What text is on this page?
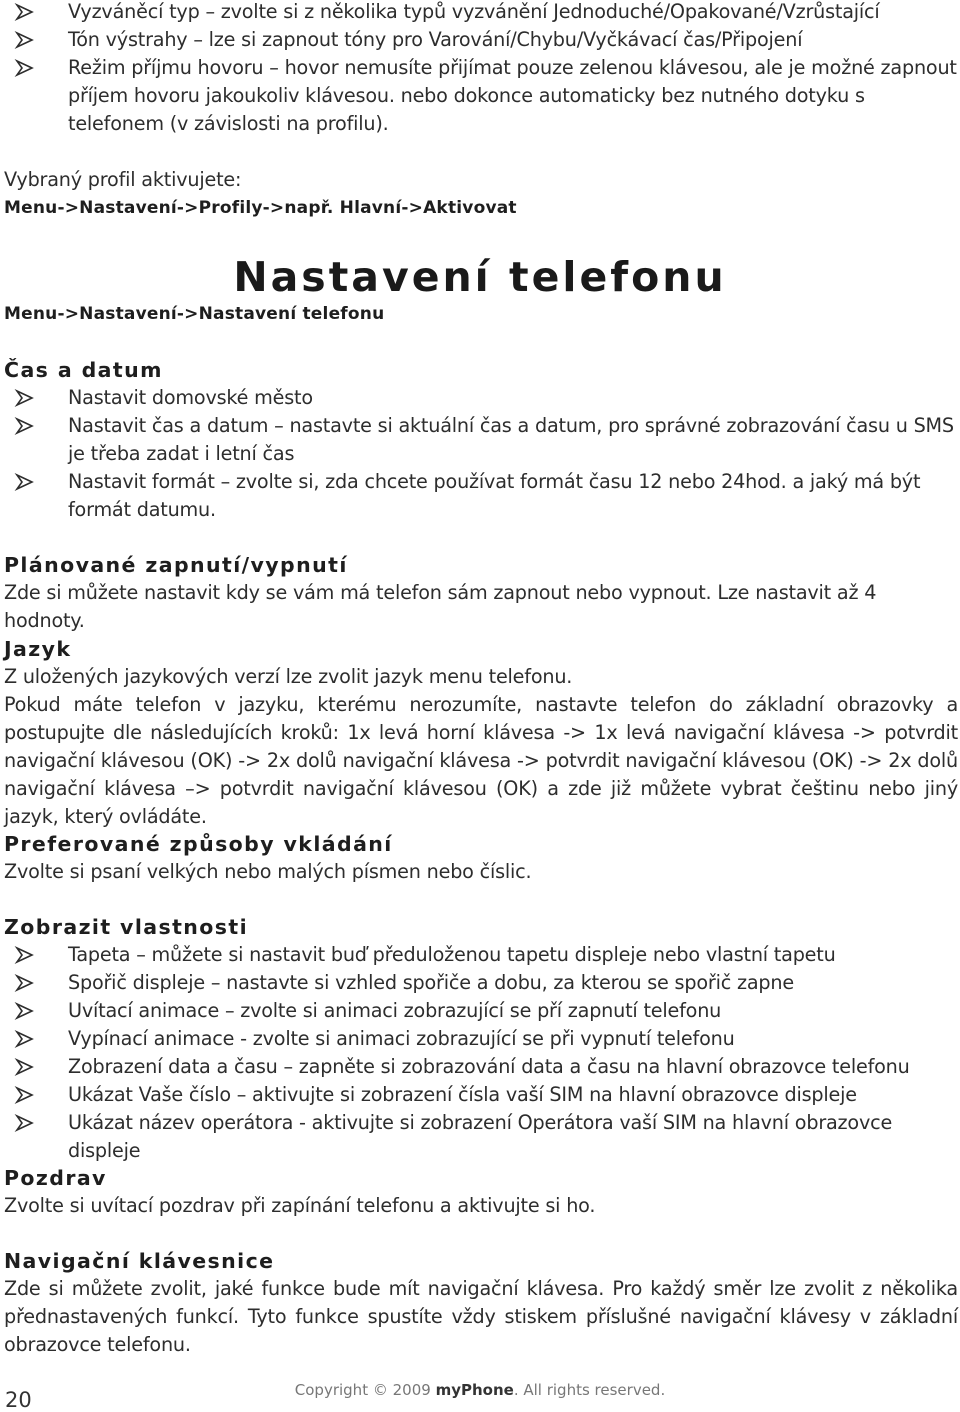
Vyzváněcí typ – zvolte si z několika typů vyzvánění Jednoduché/Opakované/Vzrůstající
Tón výstrahy – lze si zapnout tóny pro Varování/Chybu/Vyčkávací čas/Připojení
Režim příjmu hovoru – hovor nemusíte přijímat pouze zelenou klávesou, ale je možné zapnout příjem hovoru jakoukoliv klávesou. nebo dokonce automaticky bez nutného dotyku s telefonem (v závislosti na profilu).
Vybraný profil aktivujete:
Menu->Nastavení->Profily->např. Hlavní->Aktivovat
Nastavení telefonu
Menu->Nastavení->Nastavení telefonu
Čas a datum
Nastavit domovské město
Nastavit čas a datum – nastavte si aktuální čas a datum, pro správné zobrazování času u SMS je třeba zadat i letní čas
Nastavit formát – zvolte si, zda chcete používat formát času 12 nebo 24hod. a jaký má být formát datumu.
Plánované zapnutí/vypnutí
Zde si můžete nastavit kdy se vám má telefon sám zapnout nebo vypnout. Lze nastavit až 4 hodnoty.
Jazyk
Z uložených jazykových verzí lze zvolit jazyk menu telefonu.
Pokud máte telefon v jazyku, kterému nerozumíte, nastavte telefon do základní obrazovky a postupujte dle následujících kroků: 1x levá horní klávesa -> 1x levá navigační klávesa -> potvrdit navigační klávesou (OK) -> 2x dolů navigační klávesa -> potvrdit navigační klávesou (OK) -> 2x dolů navigační klávesa –> potvrdit navigační klávesou (OK) a zde již můžete vybrat češtinu nebo jiný jazyk, který ovládáte.
Preferované způsoby vkládání
Zvolte si psaní velkých nebo malých písmen nebo číslic.
Zobrazit vlastnosti
Tapeta – můžete si nastavit buď předuloženou tapetu displeje nebo vlastní tapetu
Spořič displeje – nastavte si vzhled spořiče a dobu, za kterou se spořič zapne
Uvítací animace – zvolte si animaci zobrazující se pří zapnutí telefonu
Vypínací animace - zvolte si animaci zobrazující se při vypnutí telefonu
Zobrazení data a času – zapněte si zobrazování data a času na hlavní obrazovce telefonu
Ukázat Vaše číslo – aktivujte si zobrazení čísla vaší SIM na hlavní obrazovce displeje
Ukázat název operátora - aktivujte si zobrazení Operátora vaší SIM na hlavní obrazovce displeje
Pozdrav
Zvolte si uvítací pozdrav při zapínání telefonu a aktivujte si ho.
Navigační klávesnice
Zde si můžete zvolit, jaké funkce bude mít navigační klávesa. Pro každý směr lze zvolit z několika přednastavených funkcí. Tyto funkce spustíte vždy stiskem příslušné navigační klávesy v základní obrazovce telefonu.
20	Copyright © 2009 myPhone. All rights reserved.
